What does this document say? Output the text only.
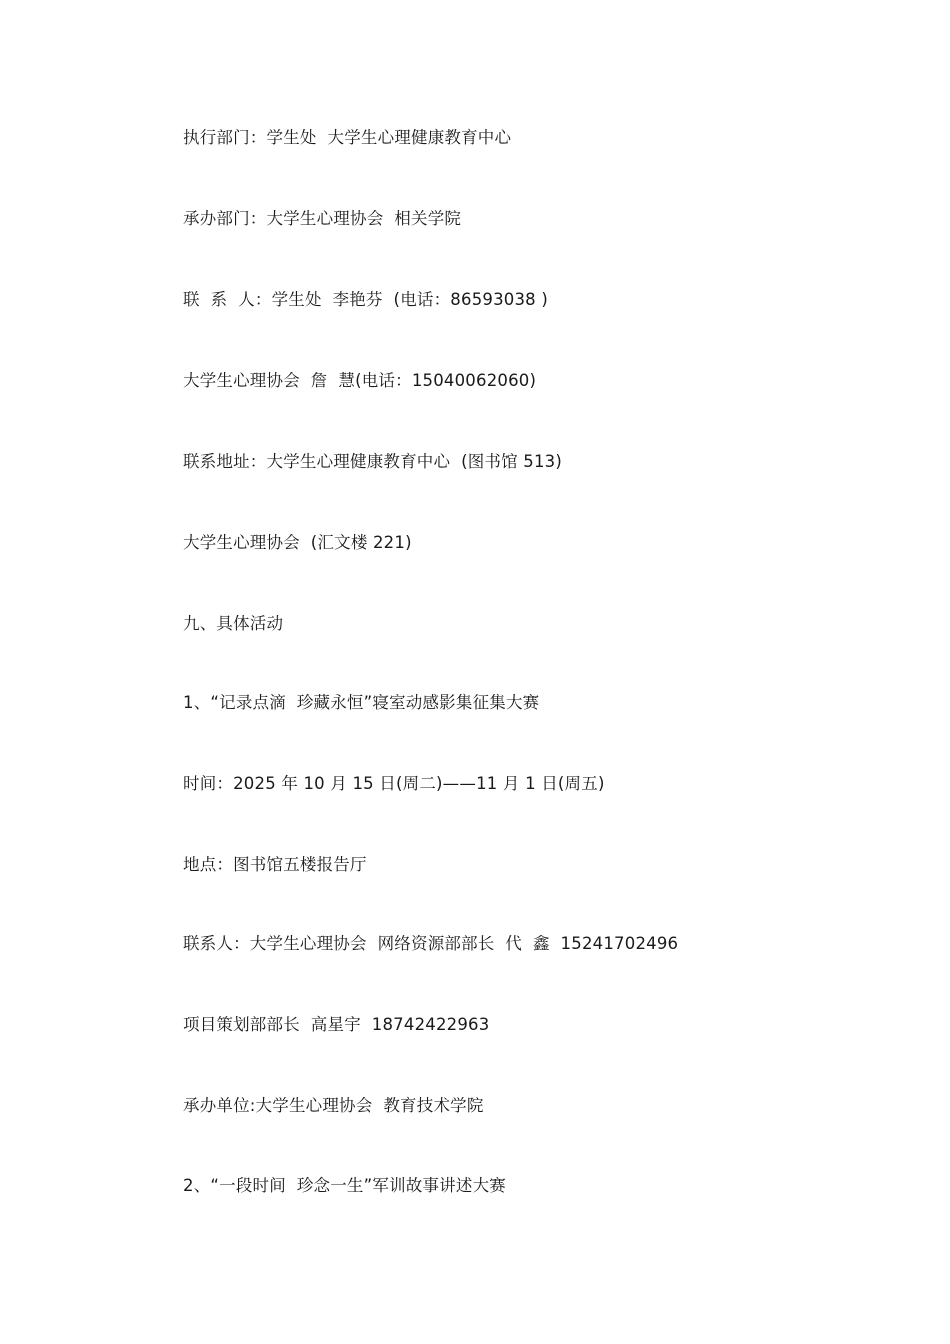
执行部门：学生处  大学生心理健康教育中心

承办部门：大学生心理协会  相关学院

联  系  人：学生处  李艳芬  (电话：86593038 )

大学生心理协会  詹  慧(电话：15040062060)

联系地址：大学生心理健康教育中心  (图书馆 513)

大学生心理协会  (汇文楼 221)

九、具体活动

1、“记录点滴  珍藏永恒”寝室动感影集征集大赛

时间：2025 年 10 月 15 日(周二)——11 月 1 日(周五)

地点：图书馆五楼报告厅

联系人：大学生心理协会  网络资源部部长  代  鑫  15241702496

项目策划部部长  高星宇  18742422963

承办单位:大学生心理协会  教育技术学院

2、“一段时间  珍念一生”军训故事讲述大赛
